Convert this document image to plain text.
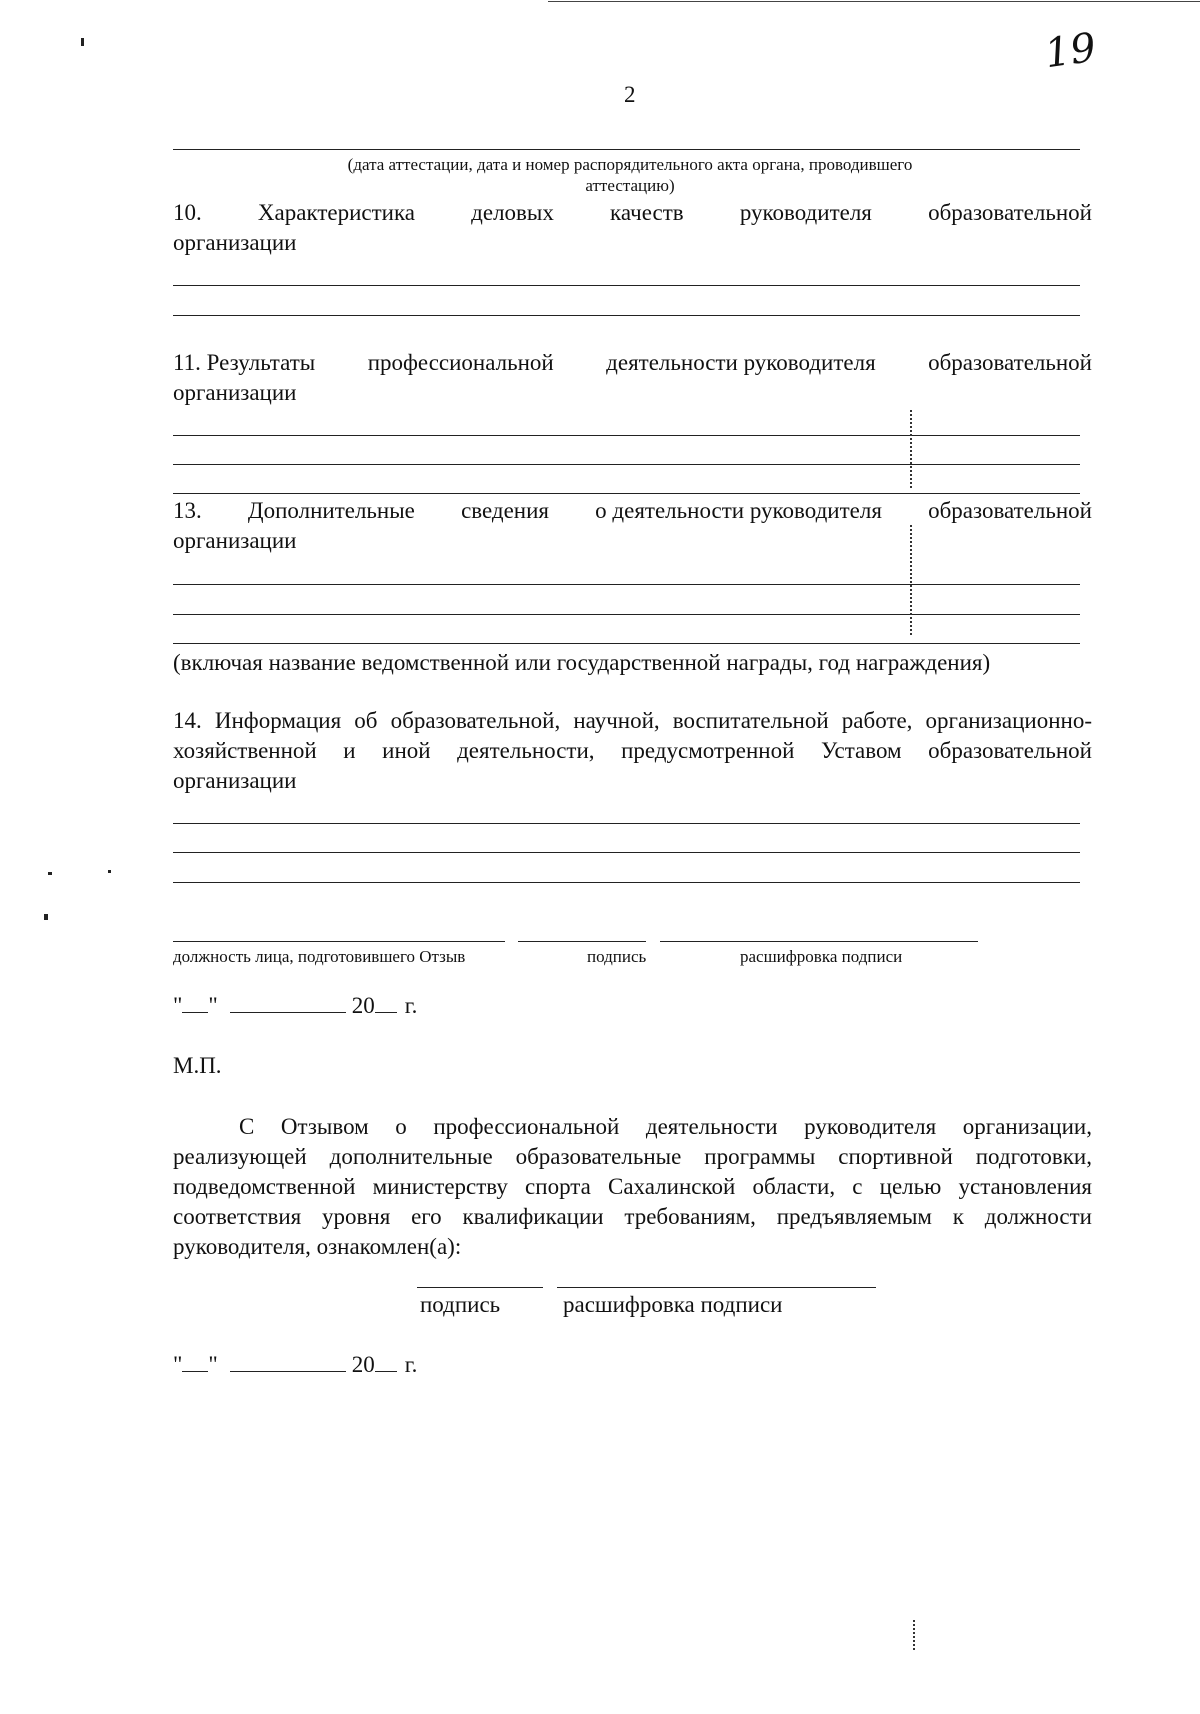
2
19
(дата аттестации, дата и номер распорядительного акта органа, проводившего
аттестацию)
10. Характеристика деловых качеств руководителя образовательной
организации
11. Результаты профессиональной деятельности руководителя образовательной
организации
13. Дополнительные сведения о деятельности руководителя образовательной
организации
(включая название ведомственной или государственной награды, год награждения)
14. Информация об образовательной, научной, воспитательной работе, организационно-хозяйственной и иной деятельности, предусмотренной Уставом образовательной организации
должность лица, подготовившего Отзыв	подпись	расшифровка подписи
" "	20 г.
М.П.
С Отзывом о профессиональной деятельности руководителя организации, реализующей дополнительные образовательные программы спортивной подготовки, подведомственной министерству спорта Сахалинской области, с целью установления соответствия уровня его квалификации требованиям, предъявляемым к должности руководителя, ознакомлен(а):
подпись	расшифровка подписи
" "	20 г.
